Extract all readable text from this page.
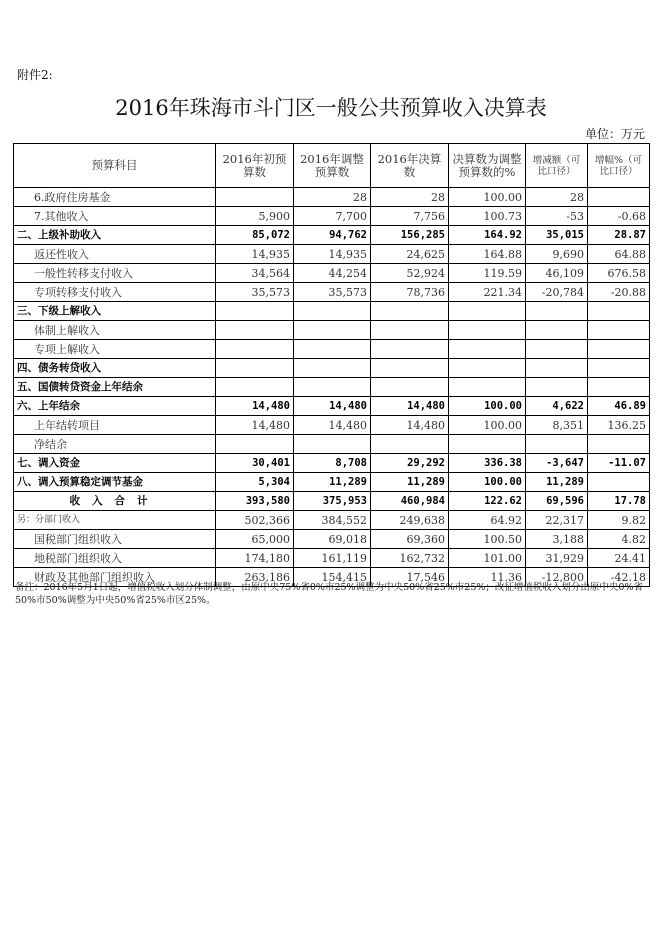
附件2:
2016年珠海市斗门区一般公共预算收入决算表
单位：万元
预算科目	2016年初预算数	2016年调整预算数	2016年决算数	决算数为调整预算数的%	增减额（可比口径）	增幅%（可比口径）
6.政府住房基金		28	28	100.00	28	
7.其他收入	5,900	7,700	7,756	100.73	-53	-0.68
二、上级补助收入	85,072	94,762	156,285	164.92	35,015	28.87
返还性收入	14,935	14,935	24,625	164.88	9,690	64.88
一般性转移支付收入	34,564	44,254	52,924	119.59	46,109	676.58
专项转移支付收入	35,573	35,573	78,736	221.34	-20,784	-20.88
三、下级上解收入						
体制上解收入						
专项上解收入						
四、债务转贷收入						
五、国债转贷资金上年结余						
六、上年结余	14,480	14,480	14,480	100.00	4,622	46.89
上年结转项目	14,480	14,480	14,480	100.00	8,351	136.25
净结余						
七、调入资金	30,401	8,708	29,292	336.38	-3,647	-11.07
八、调入预算稳定调节基金	5,304	11,289	11,289	100.00	11,289	
收入合计	393,580	375,953	460,984	122.62	69,596	17.78
另：分部门收入	502,366	384,552	249,638	64.92	22,317	9.82
国税部门组织收入	65,000	69,018	69,360	100.50	3,188	4.82
地税部门组织收入	174,180	161,119	162,732	101.00	31,929	24.41
财政及其他部门组织收入	263,186	154,415	17,546	11.36	-12,800	-42.18
备注：2016年5月1日起，增值税收入划分体制调整，由原中央75%省0%市25%调整为中央50%省25%市25%；改征增值税收入划分由原中央0%省50%市50%调整为中央50%省25%市区25%。
